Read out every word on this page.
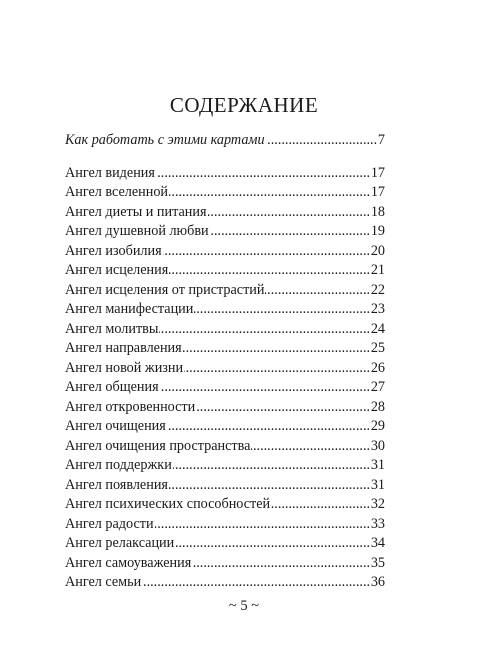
СОДЕРЖАНИЕ
.....
Как работать с этими картами	7
.....
Ангел видения	17
.....
Ангел вселенной	17
.....
Ангел диеты и питания	18
.....
Ангел душевной любви	19
.....
Ангел изобилия	20
.....
Ангел исцеления	21
.....
Ангел исцеления от пристрастий	22
.....
Ангел манифестации	23
.....
Ангел молитвы	24
.....
Ангел направления	25
.....
Ангел новой жизни	26
.....
Ангел общения	27
.....
Ангел откровенности	28
.....
Ангел очищения	29
.....
Ангел очищения пространства	30
.....
Ангел поддержки	31
.....
Ангел появления	31
.....
Ангел психических способностей	32
.....
Ангел радости	33
.....
Ангел релаксации	34
.....
Ангел самоуважения	35
.....
Ангел семьи	36
~ 5 ~
